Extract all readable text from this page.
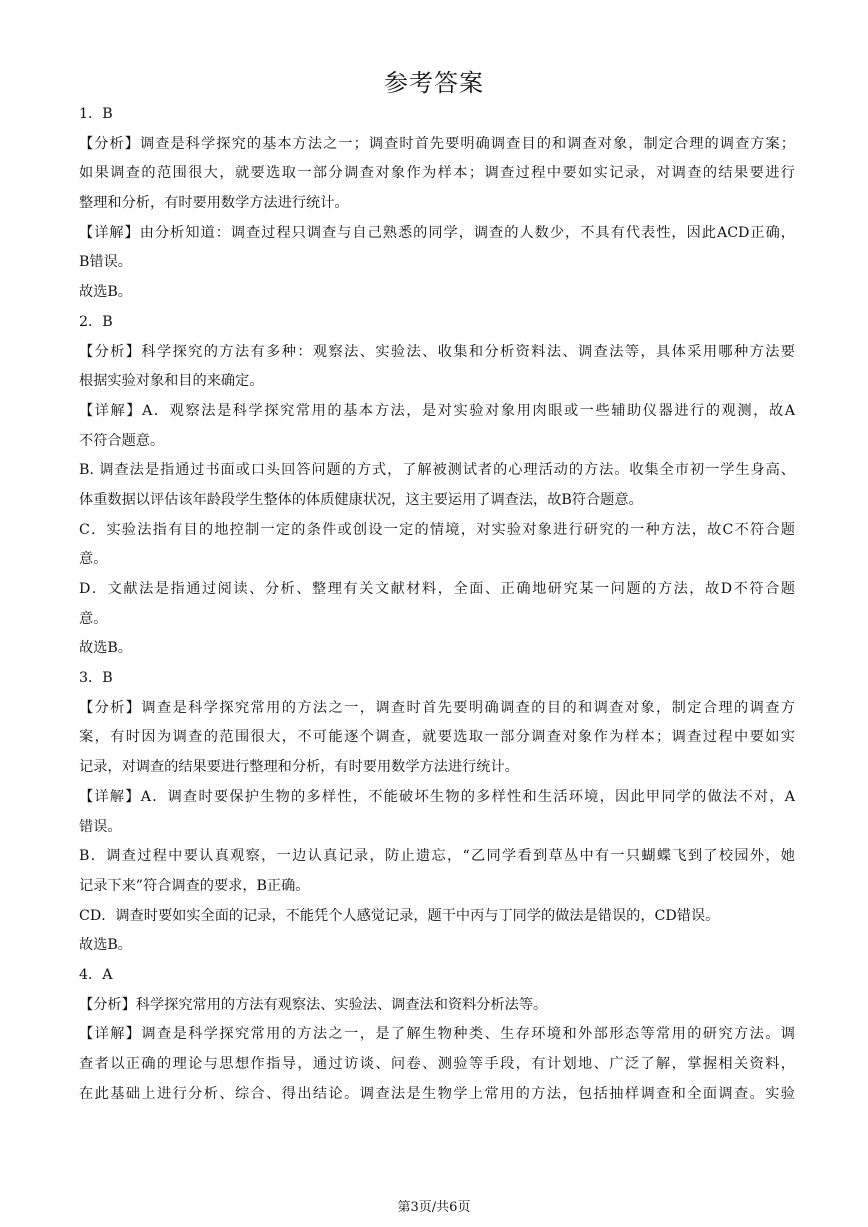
参考答案
1．B
【分析】调查是科学探究的基本方法之一；调查时首先要明确调查目的和调查对象，制定合理的调查方案；
如果调查的范围很大，就要选取一部分调查对象作为样本；调查过程中要如实记录，对调查的结果要进行
整理和分析，有时要用数学方法进行统计。
【详解】由分析知道：调查过程只调查与自己熟悉的同学，调查的人数少，不具有代表性，因此ACD正确，
B错误。
故选B。
2．B
【分析】科学探究的方法有多种：观察法、实验法、收集和分析资料法、调查法等，具体采用哪种方法要
根据实验对象和目的来确定。
【详解】A．观察法是科学探究常用的基本方法，是对实验对象用肉眼或一些辅助仪器进行的观测，故A
不符合题意。
B. 调查法是指通过书面或口头回答问题的方式，了解被测试者的心理活动的方法。收集全市初一学生身高、
体重数据以评估该年龄段学生整体的体质健康状况，这主要运用了调查法，故B符合题意。
C．实验法指有目的地控制一定的条件或创设一定的情境，对实验对象进行研究的一种方法，故C不符合题
意。
D．文献法是指通过阅读、分析、整理有关文献材料，全面、正确地研究某一问题的方法，故D不符合题
意。
故选B。
3．B
【分析】调查是科学探究常用的方法之一，调查时首先要明确调查的目的和调查对象，制定合理的调查方
案，有时因为调查的范围很大，不可能逐个调查，就要选取一部分调查对象作为样本；调查过程中要如实
记录，对调查的结果要进行整理和分析，有时要用数学方法进行统计。
【详解】A．调查时要保护生物的多样性，不能破坏生物的多样性和生活环境，因此甲同学的做法不对，A
错误。
B．调查过程中要认真观察，一边认真记录，防止遗忘，“乙同学看到草丛中有一只蝴蝶飞到了校园外，她
记录下来”符合调查的要求，B正确。
CD．调查时要如实全面的记录，不能凭个人感觉记录，题干中丙与丁同学的做法是错误的，CD错误。
故选B。
4．A
【分析】科学探究常用的方法有观察法、实验法、调查法和资料分析法等。
【详解】调查是科学探究常用的方法之一，是了解生物种类、生存环境和外部形态等常用的研究方法。调
查者以正确的理论与思想作指导，通过访谈、问卷、测验等手段，有计划地、广泛了解，掌握相关资料，
在此基础上进行分析、综合、得出结论。调查法是生物学上常用的方法，包括抽样调查和全面调查。实验
第3页/共6页
